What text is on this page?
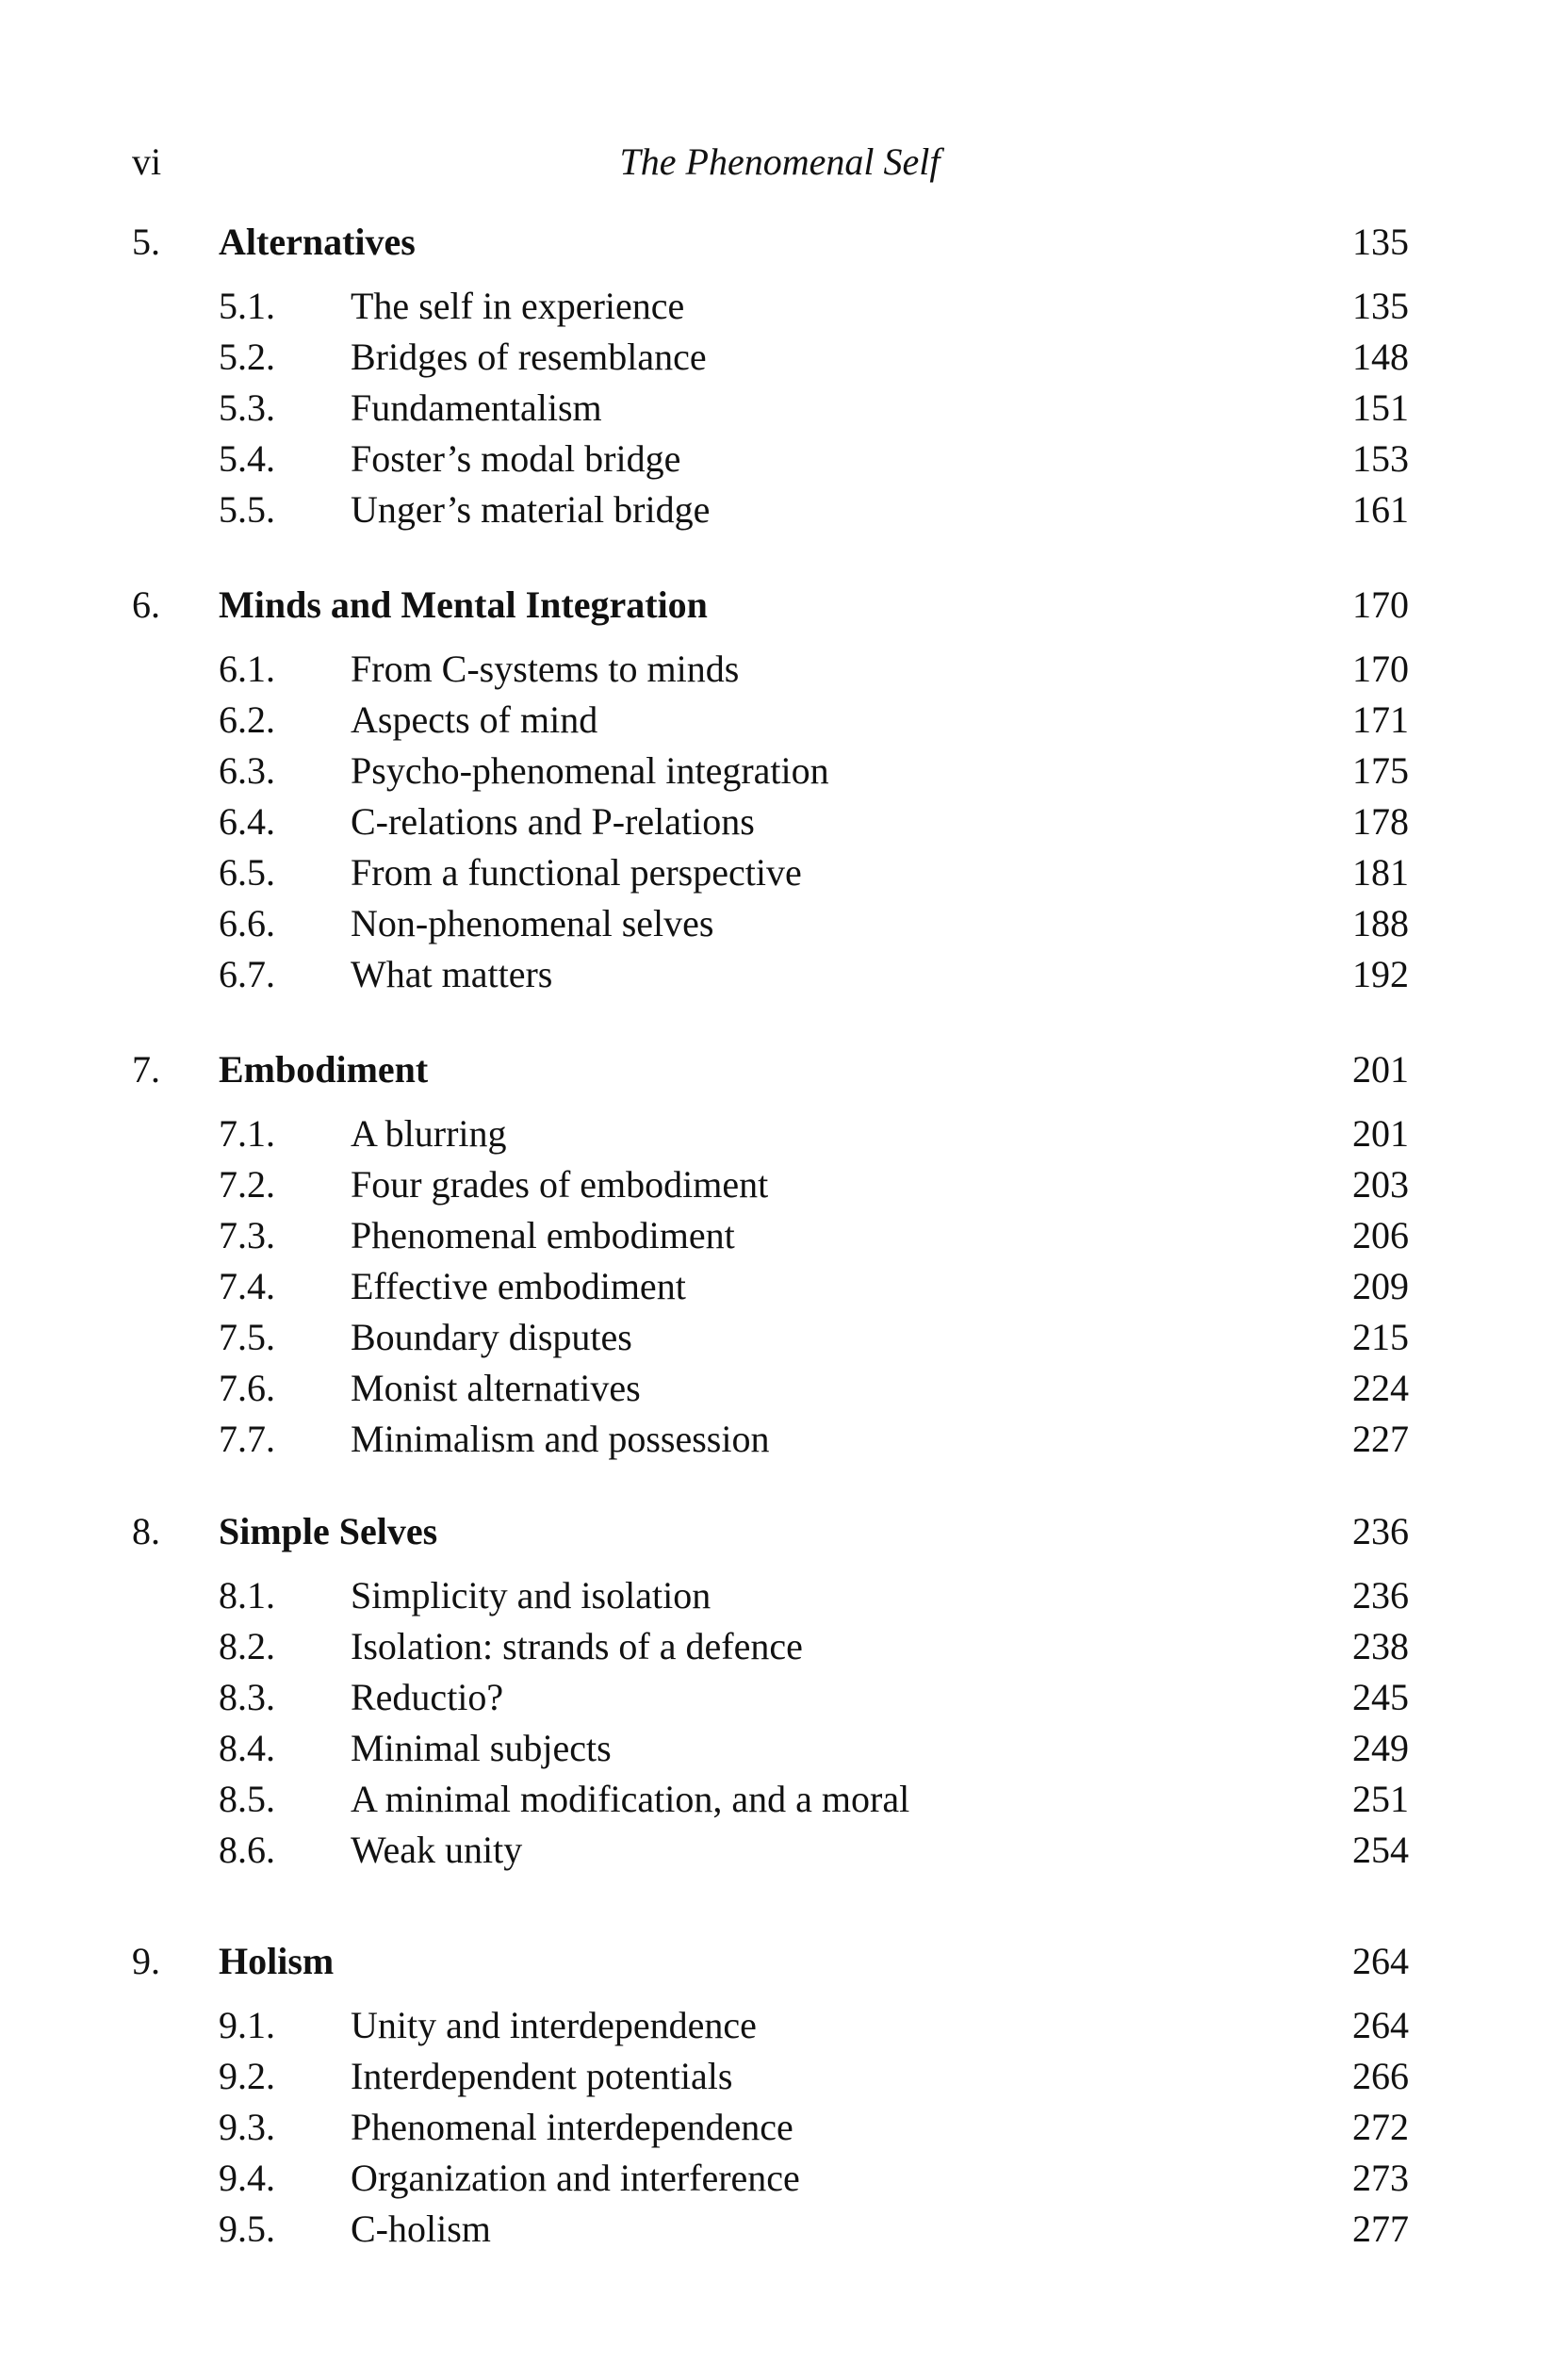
vi	The Phenomenal Self
5. Alternatives	135
5.1. The self in experience	135
5.2. Bridges of resemblance	148
5.3. Fundamentalism	151
5.4. Foster’s modal bridge	153
5.5. Unger’s material bridge	161
6. Minds and Mental Integration	170
6.1. From C-systems to minds	170
6.2. Aspects of mind	171
6.3. Psycho-phenomenal integration	175
6.4. C-relations and P-relations	178
6.5. From a functional perspective	181
6.6. Non-phenomenal selves	188
6.7. What matters	192
7. Embodiment	201
7.1. A blurring	201
7.2. Four grades of embodiment	203
7.3. Phenomenal embodiment	206
7.4. Effective embodiment	209
7.5. Boundary disputes	215
7.6. Monist alternatives	224
7.7. Minimalism and possession	227
8. Simple Selves	236
8.1. Simplicity and isolation	236
8.2. Isolation: strands of a defence	238
8.3. Reductio?	245
8.4. Minimal subjects	249
8.5. A minimal modification, and a moral	251
8.6. Weak unity	254
9. Holism	264
9.1. Unity and interdependence	264
9.2. Interdependent potentials	266
9.3. Phenomenal interdependence	272
9.4. Organization and interference	273
9.5. C-holism	277
